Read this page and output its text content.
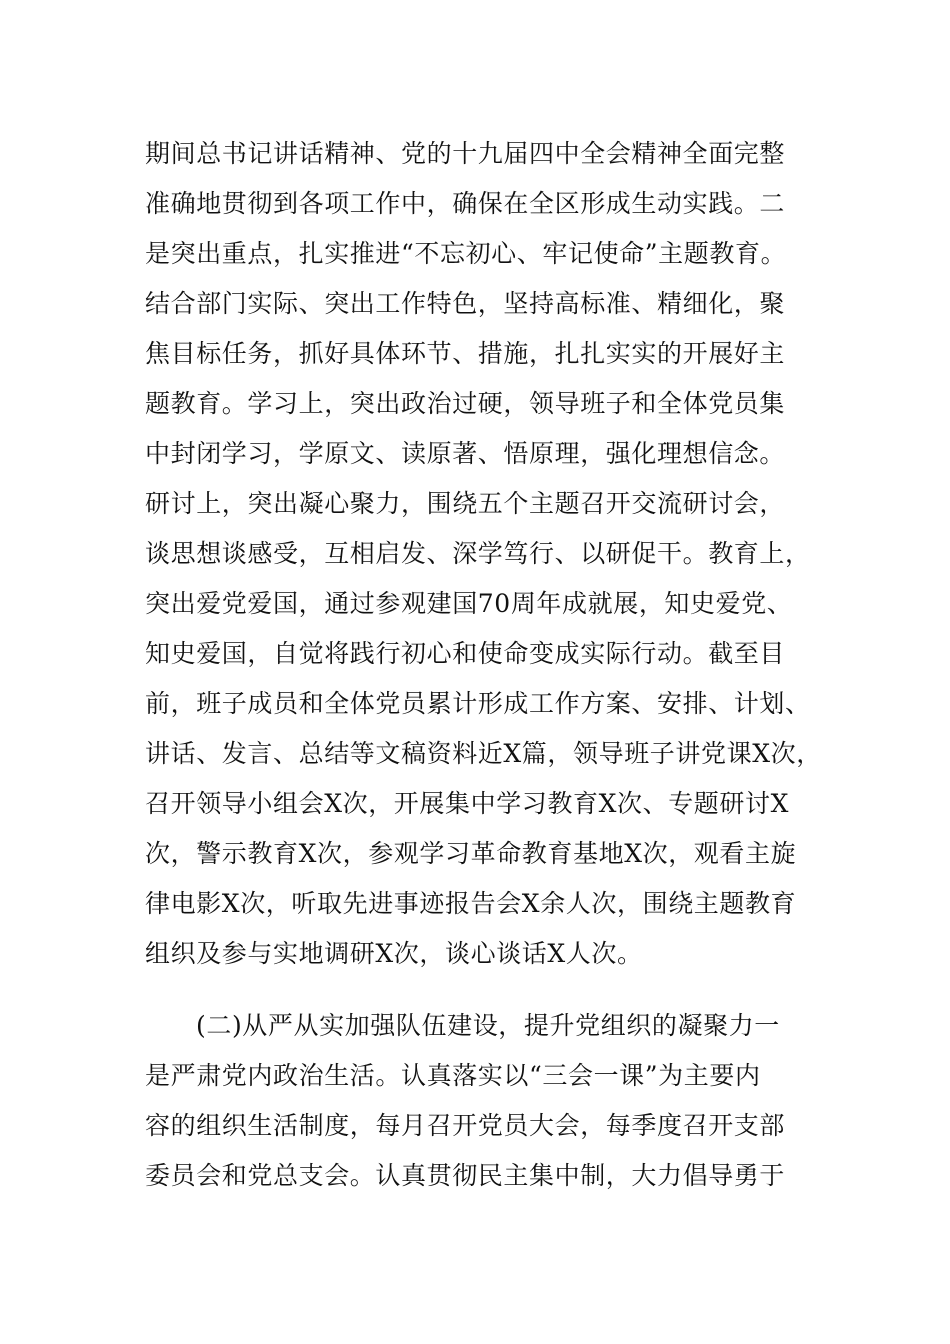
期间总书记讲话精神、党的十九届四中全会精神全面完整
准确地贯彻到各项工作中，确保在全区形成生动实践。二
是突出重点，扎实推进“不忘初心、牢记使命”主题教育。
结合部门实际、突出工作特色，坚持高标准、精细化，聚
焦目标任务，抓好具体环节、措施，扎扎实实的开展好主
题教育。学习上，突出政治过硬，领导班子和全体党员集
中封闭学习，学原文、读原著、悟原理，强化理想信念。
研讨上，突出凝心聚力，围绕五个主题召开交流研讨会，
谈思想谈感受，互相启发、深学笃行、以研促干。教育上，
突出爱党爱国，通过参观建国70周年成就展，知史爱党、
知史爱国，自觉将践行初心和使命变成实际行动。截至目
前，班子成员和全体党员累计形成工作方案、安排、计划、
讲话、发言、总结等文稿资料近X篇，领导班子讲党课X次，
召开领导小组会X次，开展集中学习教育X次、专题研讨X
次，警示教育X次，参观学习革命教育基地X次，观看主旋
律电影X次，听取先进事迹报告会X余人次，围绕主题教育
组织及参与实地调研X次，谈心谈话X人次。
(二)从严从实加强队伍建设，提升党组织的凝聚力一
是严肃党内政治生活。认真落实以“三会一课”为主要内
容的组织生活制度，每月召开党员大会，每季度召开支部
委员会和党总支会。认真贯彻民主集中制，大力倡导勇于
